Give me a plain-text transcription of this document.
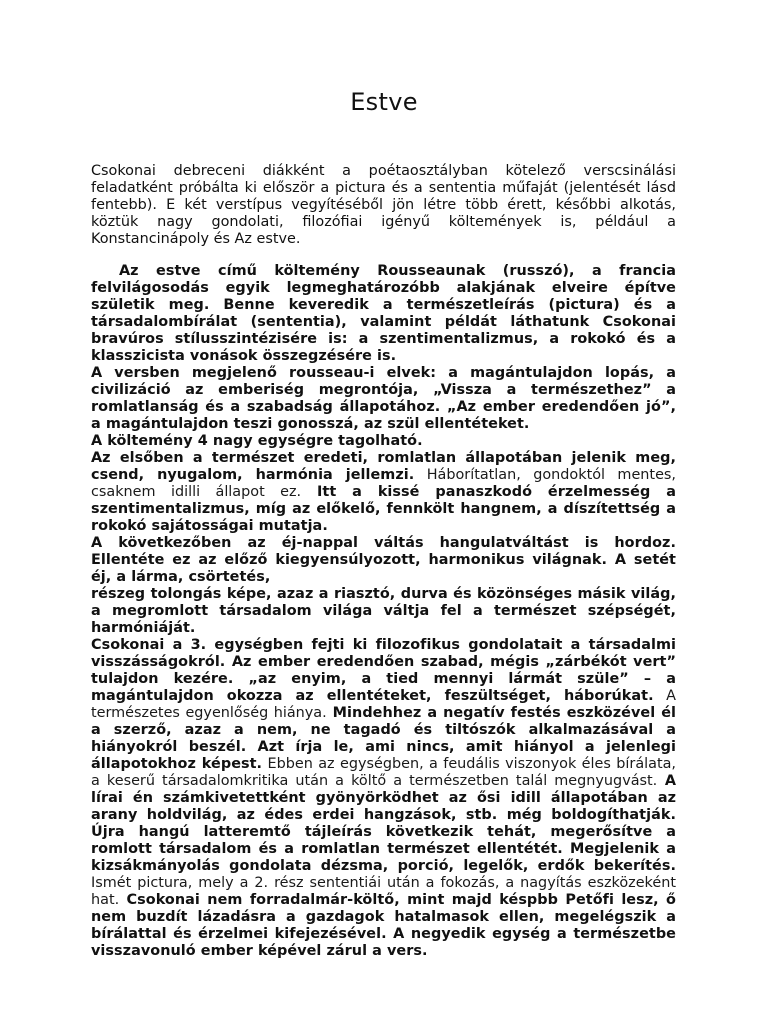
Estve

Csokonai debreceni diákként a poétaosztályban kötelező verscsinálási feladatként próbálta ki először a pictura és a sententia műfaját (jelentését lásd fentebb). E két verstípus vegyítéséből jön létre több érett, későbbi alkotás, köztük nagy gondolati, filozófiai igényű költemények is, például a Konstancinápoly és Az estve.

Az estve című költemény Rousseaunak (russzó), a francia felvilágosodás egyik legmeghatározóbb alakjának elveire építve születik meg. Benne keveredik a természetleírás (pictura) és a társadalombírálat (sententia), valamint példát láthatunk Csokonai bravúros stílusszintézisére is: a szentimentalizmus, a rokokó és a klasszicista vonások összegzésére is.

A versben megjelenő rousseau-i elvek: a magántulajdon lopás, a civilizáció az emberiség megrontója, „Vissza a természethez” a romlatlanság és a szabadság állapotához. „Az ember eredendően jó”, a magántulajdon teszi gonosszá, az szül ellentéteket.

A költemény 4 nagy egységre tagolható.

Az elsőben a természet eredeti, romlatlan állapotában jelenik meg, csend, nyugalom, harmónia jellemzi. Háborítatlan, gondoktól mentes, csaknem idilli állapot ez. Itt a kissé panaszkodó érzelmesség a szentimentalizmus, míg az előkelő, fennkölt hangnem, a díszítettség a rokokó sajátosságai mutatja.

A következőben az éj-nappal váltás hangulatváltást is hordoz. Ellentéte ez az előző kiegyensúlyozott, harmonikus világnak. A setét éj, a lárma, csörtetés,

részeg tolongás képe, azaz a riasztó, durva és közönséges másik világ, a megromlott társadalom világa váltja fel a természet szépségét, harmóniáját.

Csokonai a 3. egységben fejti ki filozofikus gondolatait a társadalmi visszásságokról. Az ember eredendően szabad, mégis „zárbékót vert” tulajdon kezére. „az enyim, a tied mennyi lármát szüle” – a magántulajdon okozza az ellentéteket, feszültséget, háborúkat. A természetes egyenlőség hiánya. Mindehhez a negatív festés eszközével él a szerző, azaz a nem, ne tagadó és tiltószók alkalmazásával a hiányokról beszél. Azt írja le, ami nincs, amit hiányol a jelenlegi állapotokhoz képest. Ebben az egységben, a feudális viszonyok éles bírálata, a keserű társadalomkritika után a költő a természetben talál megnyugvást. A lírai én számkivetettként gyönyörködhet az ősi idill állapotában az arany holdvilág, az édes erdei hangzások, stb. még boldogíthatják. Újra hangú latteremtő tájleírás következik tehát, megerősítve a romlott társadalom és a romlatlan természet ellentétét. Megjelenik a kizsákmányolás gondolata dézsma, porció, legelők, erdők bekerítés. Ismét pictura, mely a 2. rész sententiái után a fokozás, a nagyítás eszközeként hat. Csokonai nem forradalmár-költő, mint majd késpbb Petőfi lesz, ő nem buzdít lázadásra a gazdagok hatalmasok ellen, megelégszik a bírálattal és érzelmei kifejezésével. A negyedik egység a természetbe visszavonuló ember képével zárul a vers.
